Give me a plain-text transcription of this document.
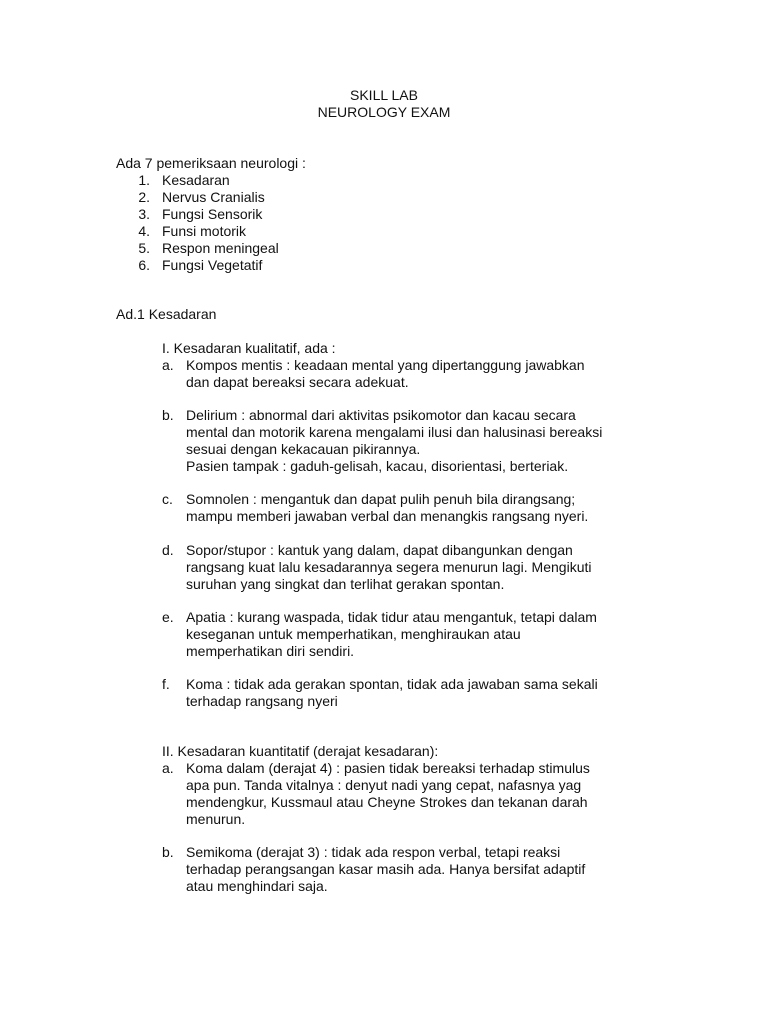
SKILL LAB
NEUROLOGY EXAM
Ada 7 pemeriksaan neurologi :
1. Kesadaran
2. Nervus Cranialis
3. Fungsi Sensorik
4. Funsi motorik
5. Respon meningeal
6. Fungsi Vegetatif
Ad.1 Kesadaran
I. Kesadaran kualitatif, ada :
a. Kompos mentis : keadaan mental yang dipertanggung jawabkan
dan dapat bereaksi secara adekuat.
b. Delirium : abnormal dari aktivitas psikomotor dan kacau secara
mental dan motorik karena mengalami ilusi dan halusinasi bereaksi
sesuai dengan kekacauan pikirannya.
Pasien tampak : gaduh-gelisah, kacau, disorientasi, berteriak.
c. Somnolen : mengantuk dan dapat pulih penuh bila dirangsang;
mampu memberi jawaban verbal dan menangkis rangsang nyeri.
d. Sopor/stupor : kantuk yang dalam, dapat dibangunkan dengan
rangsang kuat lalu kesadarannya segera menurun lagi. Mengikuti
suruhan yang singkat dan terlihat gerakan spontan.
e. Apatia : kurang waspada, tidak tidur atau mengantuk, tetapi dalam
keseganan untuk memperhatikan, menghiraukan atau
memperhatikan diri sendiri.
f. Koma : tidak ada gerakan spontan, tidak ada jawaban sama sekali
terhadap rangsang nyeri
II. Kesadaran kuantitatif (derajat kesadaran):
a. Koma dalam (derajat 4) : pasien tidak bereaksi terhadap stimulus
apa pun. Tanda vitalnya : denyut nadi yang cepat, nafasnya yag
mendengkur, Kussmaul atau Cheyne Strokes dan tekanan darah
menurun.
b. Semikoma (derajat 3) : tidak ada respon verbal, tetapi reaksi
terhadap perangsangan kasar masih ada. Hanya bersifat adaptif
atau menghindari saja.
